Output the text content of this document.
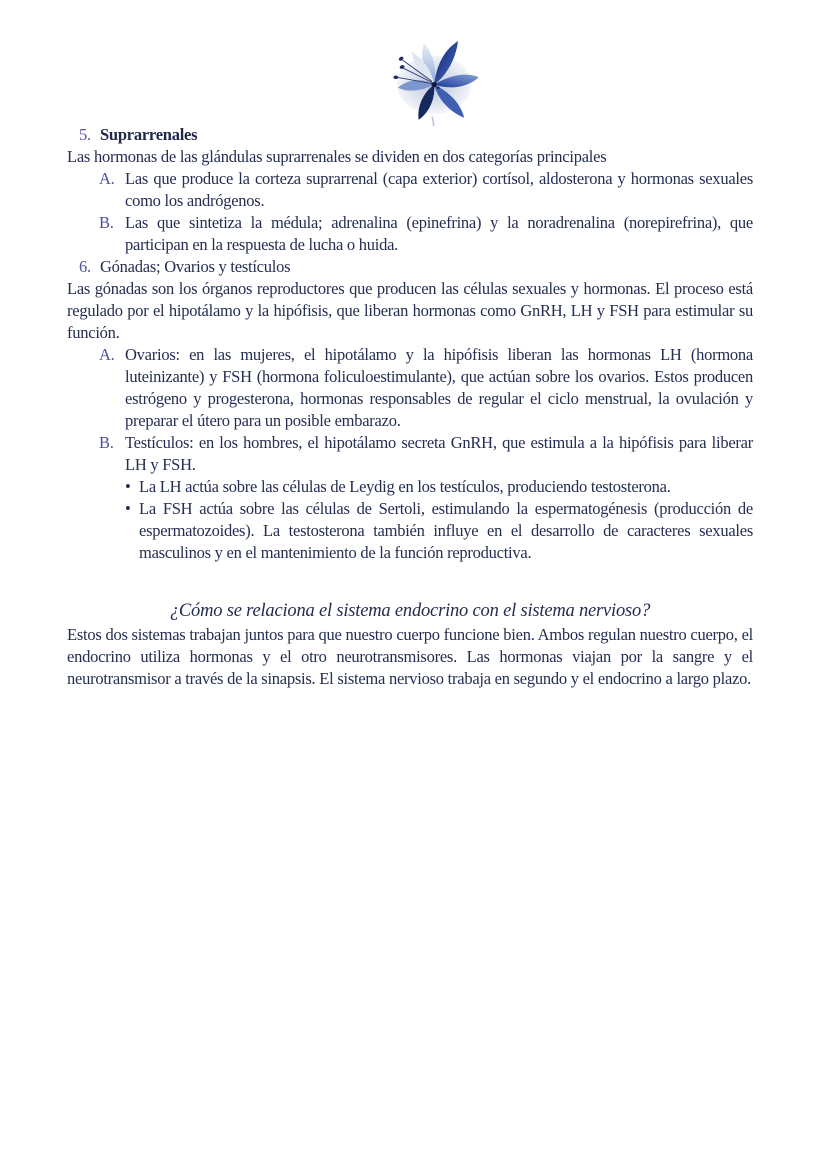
5. Suprarrenales
Las hormonas de las glándulas suprarrenales se dividen en dos categorías principales
A. Las que produce la corteza suprarrenal (capa exterior) cortísol, aldosterona y hormonas sexuales como los andrógenos.
B. Las que sintetiza la médula; adrenalina (epinefrina) y la noradrenalina (norepirefrina), que participan en la respuesta de lucha o huida.
6. Gónadas; Ovarios y testículos
Las gónadas son los órganos reproductores que producen las células sexuales y hormonas. El proceso está regulado por el hipotálamo y la hipófisis, que liberan hormonas como GnRH, LH y FSH para estimular su función.
A. Ovarios: en las mujeres, el hipotálamo y la hipófisis liberan las hormonas LH (hormona luteinizante) y FSH (hormona foliculoestimulante), que actúan sobre los ovarios. Estos producen estrógeno y progesterona, hormonas responsables de regular el ciclo menstrual, la ovulación y preparar el útero para un posible embarazo.
B. Testículos: en los hombres, el hipotálamo secreta GnRH, que estimula a la hipófisis para liberar LH y FSH.
• La LH actúa sobre las células de Leydig en los testículos, produciendo testosterona.
• La FSH actúa sobre las células de Sertoli, estimulando la espermatogénesis (producción de espermatozoides). La testosterona también influye en el desarrollo de caracteres sexuales masculinos y en el mantenimiento de la función reproductiva.
¿Cómo se relaciona el sistema endocrino con el sistema nervioso?
Estos dos sistemas trabajan juntos para que nuestro cuerpo funcione bien. Ambos regulan nuestro cuerpo, el endocrino utiliza hormonas y el otro neurotransmisores. Las hormonas viajan por la sangre y el neurotransmisor a través de la sinapsis. El sistema nervioso trabaja en segundo y el endocrino a largo plazo.
